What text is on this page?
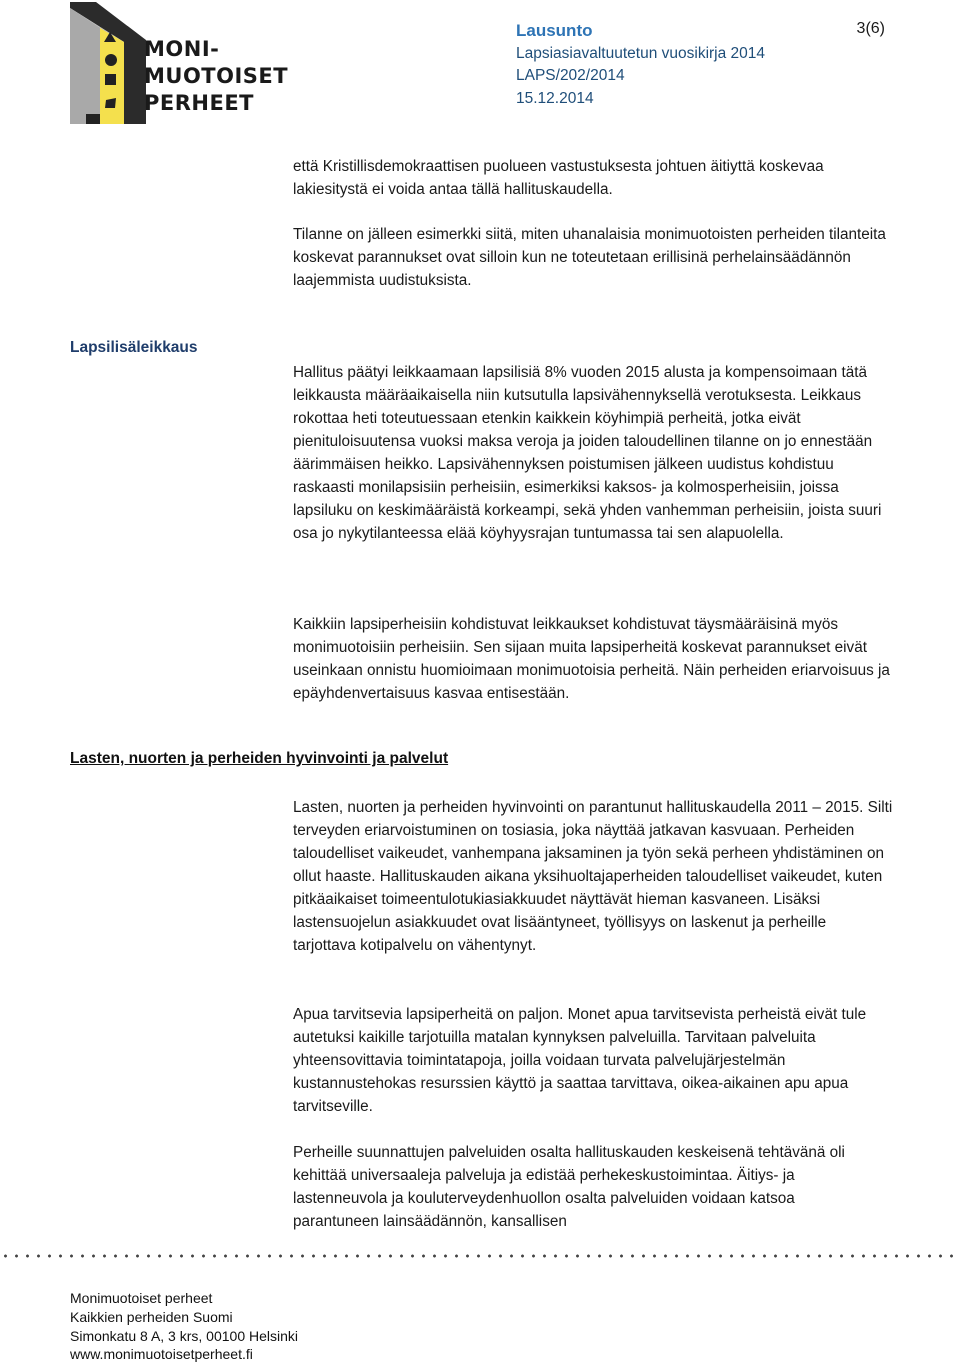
MONI-
MUOTOISET
PERHEET
Lausunto
Lapsiasiavaltuutetun vuosikirja 2014
LAPS/202/2014
15.12.2014
3(6)

että Kristillisdemokraattisen puolueen vastustuksesta johtuen äitiyttä koskevaa lakiesitystä ei voida antaa tällä hallituskaudella.

Tilanne on jälleen esimerkki siitä, miten uhanalaisia monimuotoisten perheiden tilanteita koskevat parannukset ovat silloin kun ne toteutetaan erillisinä perhelainsäädännön laajemmista uudistuksista.

Lapsilisäleikkaus

Hallitus päätyi leikkaamaan lapsilisiä 8% vuoden 2015 alusta ja kompensoimaan tätä leikkausta määräaikaisella niin kutsutulla lapsivähennyksellä verotuksesta. Leikkaus rokottaa heti toteutuessaan etenkin kaikkein köyhimpiä perheitä, jotka eivät pienituloisuutensa vuoksi maksa veroja ja joiden taloudellinen tilanne on jo ennestään äärimmäisen heikko. Lapsivähennyksen poistumisen jälkeen uudistus kohdistuu raskaasti monilapsisiin perheisiin, esimerkiksi kaksos- ja kolmosperheisiin, joissa lapsiluku on keskimääräistä korkeampi, sekä yhden vanhemman perheisiin, joista suuri osa jo nykytilanteessa elää köyhyysrajan tuntumassa tai sen alapuolella.

Kaikkiin lapsiperheisiin kohdistuvat leikkaukset kohdistuvat täysmääräisinä myös monimuotoisiin perheisiin. Sen sijaan muita lapsiperheitä koskevat parannukset eivät useinkaan onnistu huomioimaan monimuotoisia perheitä. Näin perheiden eriarvoisuus ja epäyhdenvertaisuus kasvaa entisestään.

Lasten, nuorten ja perheiden hyvinvointi ja palvelut

Lasten, nuorten ja perheiden hyvinvointi on parantunut hallituskaudella 2011 – 2015. Silti terveyden eriarvoistuminen on tosiasia, joka näyttää jatkavan kasvuaan. Perheiden taloudelliset vaikeudet, vanhempana jaksaminen ja työn sekä perheen yhdistäminen on ollut haaste. Hallituskauden aikana yksihuoltajaperheiden taloudelliset vaikeudet, kuten pitkäaikaiset toimeentulotukiasiakkuudet näyttävät hieman kasvaneen. Lisäksi lastensuojelun asiakkuudet ovat lisääntyneet, työllisyys on laskenut ja perheille tarjottava kotipalvelu on vähentynyt.

Apua tarvitsevia lapsiperheitä on paljon. Monet apua tarvitsevista perheistä eivät tule autetuksi kaikille tarjotuilla matalan kynnyksen palveluilla. Tarvitaan palveluita yhteensovittavia toimintatapoja, joilla voidaan turvata palvelujärjestelmän kustannustehokas resurssien käyttö ja saattaa tarvittava, oikea-aikainen apu apua tarvitseville.

Perheille suunnattujen palveluiden osalta hallituskauden keskeisenä tehtävänä oli kehittää universaaleja palveluja ja edistää perhekeskustoimintaa. Äitiys- ja lastenneuvola ja kouluterveydenhuollon osalta palveluiden voidaan katsoa parantuneen lainsäädännön, kansallisen

Monimuotoiset perheet
Kaikkien perheiden Suomi
Simonkatu 8 A, 3 krs, 00100 Helsinki
www.monimuotoisetperheet.fi
